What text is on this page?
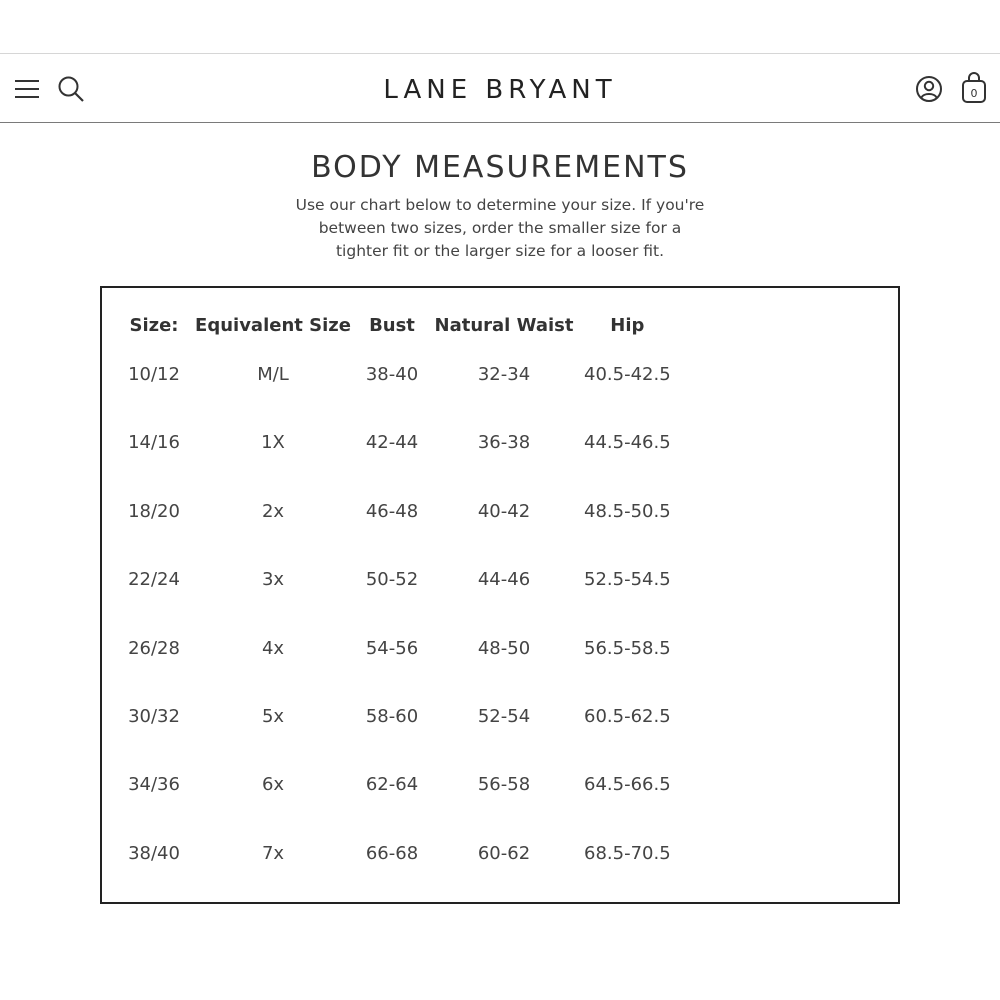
LANE BRYANT	0
BODY MEASUREMENTS

Use our chart below to determine your size. If you're between two sizes, order the smaller size for a tighter fit or the larger size for a looser fit.

Size:	Equivalent Size	Bust	Natural Waist	Hip
10/12	M/L	38-40	32-34	40.5-42.5
14/16	1X	42-44	36-38	44.5-46.5
18/20	2x	46-48	40-42	48.5-50.5
22/24	3x	50-52	44-46	52.5-54.5
26/28	4x	54-56	48-50	56.5-58.5
30/32	5x	58-60	52-54	60.5-62.5
34/36	6x	62-64	56-58	64.5-66.5
38/40	7x	66-68	60-62	68.5-70.5
